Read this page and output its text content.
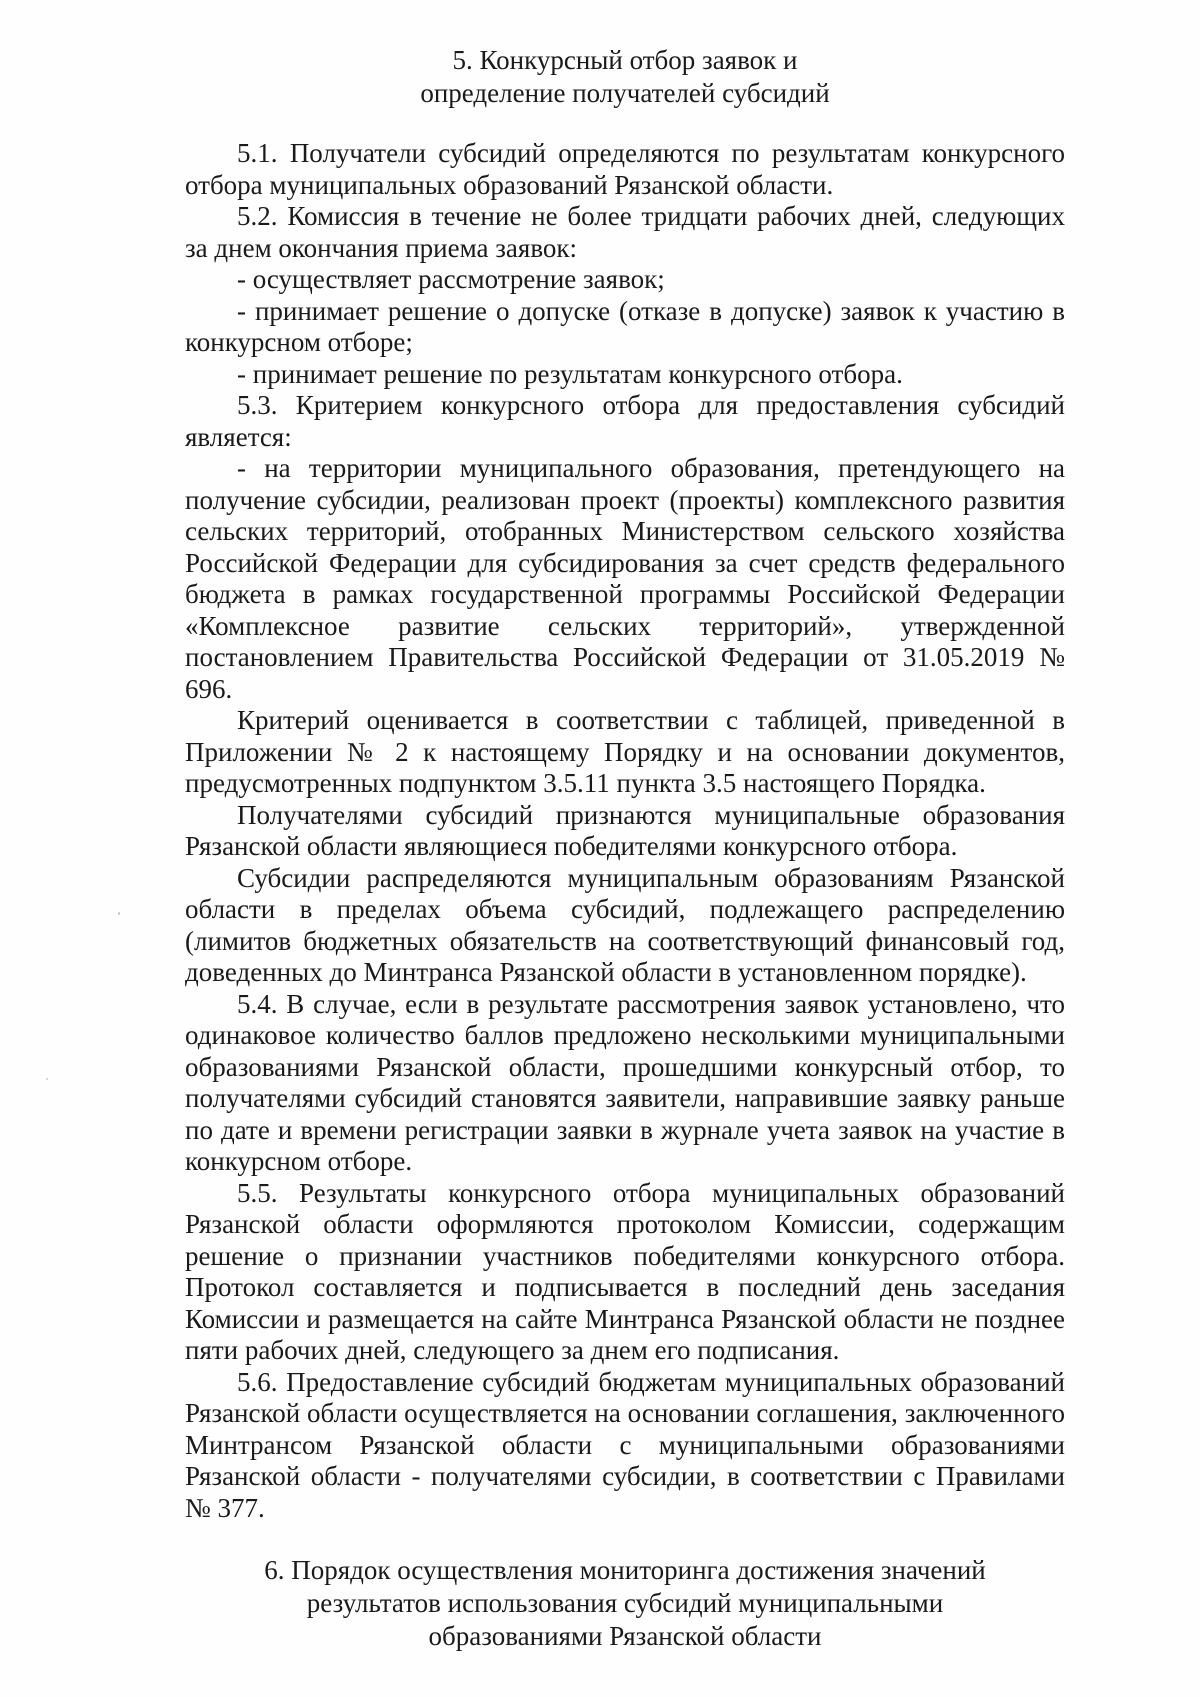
5. Конкурсный отбор заявок и
определение получателей субсидий

5.1. Получатели субсидий определяются по результатам конкурсного отбора муниципальных образований Рязанской области.

5.2. Комиссия в течение не более тридцати рабочих дней, следующих за днем окончания приема заявок:

- осуществляет рассмотрение заявок;

- принимает решение о допуске (отказе в допуске) заявок к участию в конкурсном отборе;

- принимает решение по результатам конкурсного отбора.

5.3. Критерием конкурсного отбора для предоставления субсидий является:

- на территории муниципального образования, претендующего на получение субсидии, реализован проект (проекты) комплексного развития сельских территорий, отобранных Министерством сельского хозяйства Российской Федерации для субсидирования за счет средств федерального бюджета в рамках государственной программы Российской Федерации «Комплексное развитие сельских территорий», утвержденной постановлением Правительства Российской Федерации от 31.05.2019 № 696.

Критерий оценивается в соответствии с таблицей, приведенной в Приложении № 2 к настоящему Порядку и на основании документов, предусмотренных подпунктом 3.5.11 пункта 3.5 настоящего Порядка.

Получателями субсидий признаются муниципальные образования Рязанской области являющиеся победителями конкурсного отбора.

Субсидии распределяются муниципальным образованиям Рязанской области в пределах объема субсидий, подлежащего распределению (лимитов бюджетных обязательств на соответствующий финансовый год, доведенных до Минтранса Рязанской области в установленном порядке).

5.4. В случае, если в результате рассмотрения заявок установлено, что одинаковое количество баллов предложено несколькими муниципальными образованиями Рязанской области, прошедшими конкурсный отбор, то получателями субсидий становятся заявители, направившие заявку раньше по дате и времени регистрации заявки в журнале учета заявок на участие в конкурсном отборе.

5.5. Результаты конкурсного отбора муниципальных образований Рязанской области оформляются протоколом Комиссии, содержащим решение о признании участников победителями конкурсного отбора. Протокол составляется и подписывается в последний день заседания Комиссии и размещается на сайте Минтранса Рязанской области не позднее пяти рабочих дней, следующего за днем его подписания.

5.6. Предоставление субсидий бюджетам муниципальных образований Рязанской области осуществляется на основании соглашения, заключенного Минтрансом Рязанской области с муниципальными образованиями Рязанской области - получателями субсидии, в соответствии с Правилами № 377.

6. Порядок осуществления мониторинга достижения значений
результатов использования субсидий муниципальными
образованиями Рязанской области
